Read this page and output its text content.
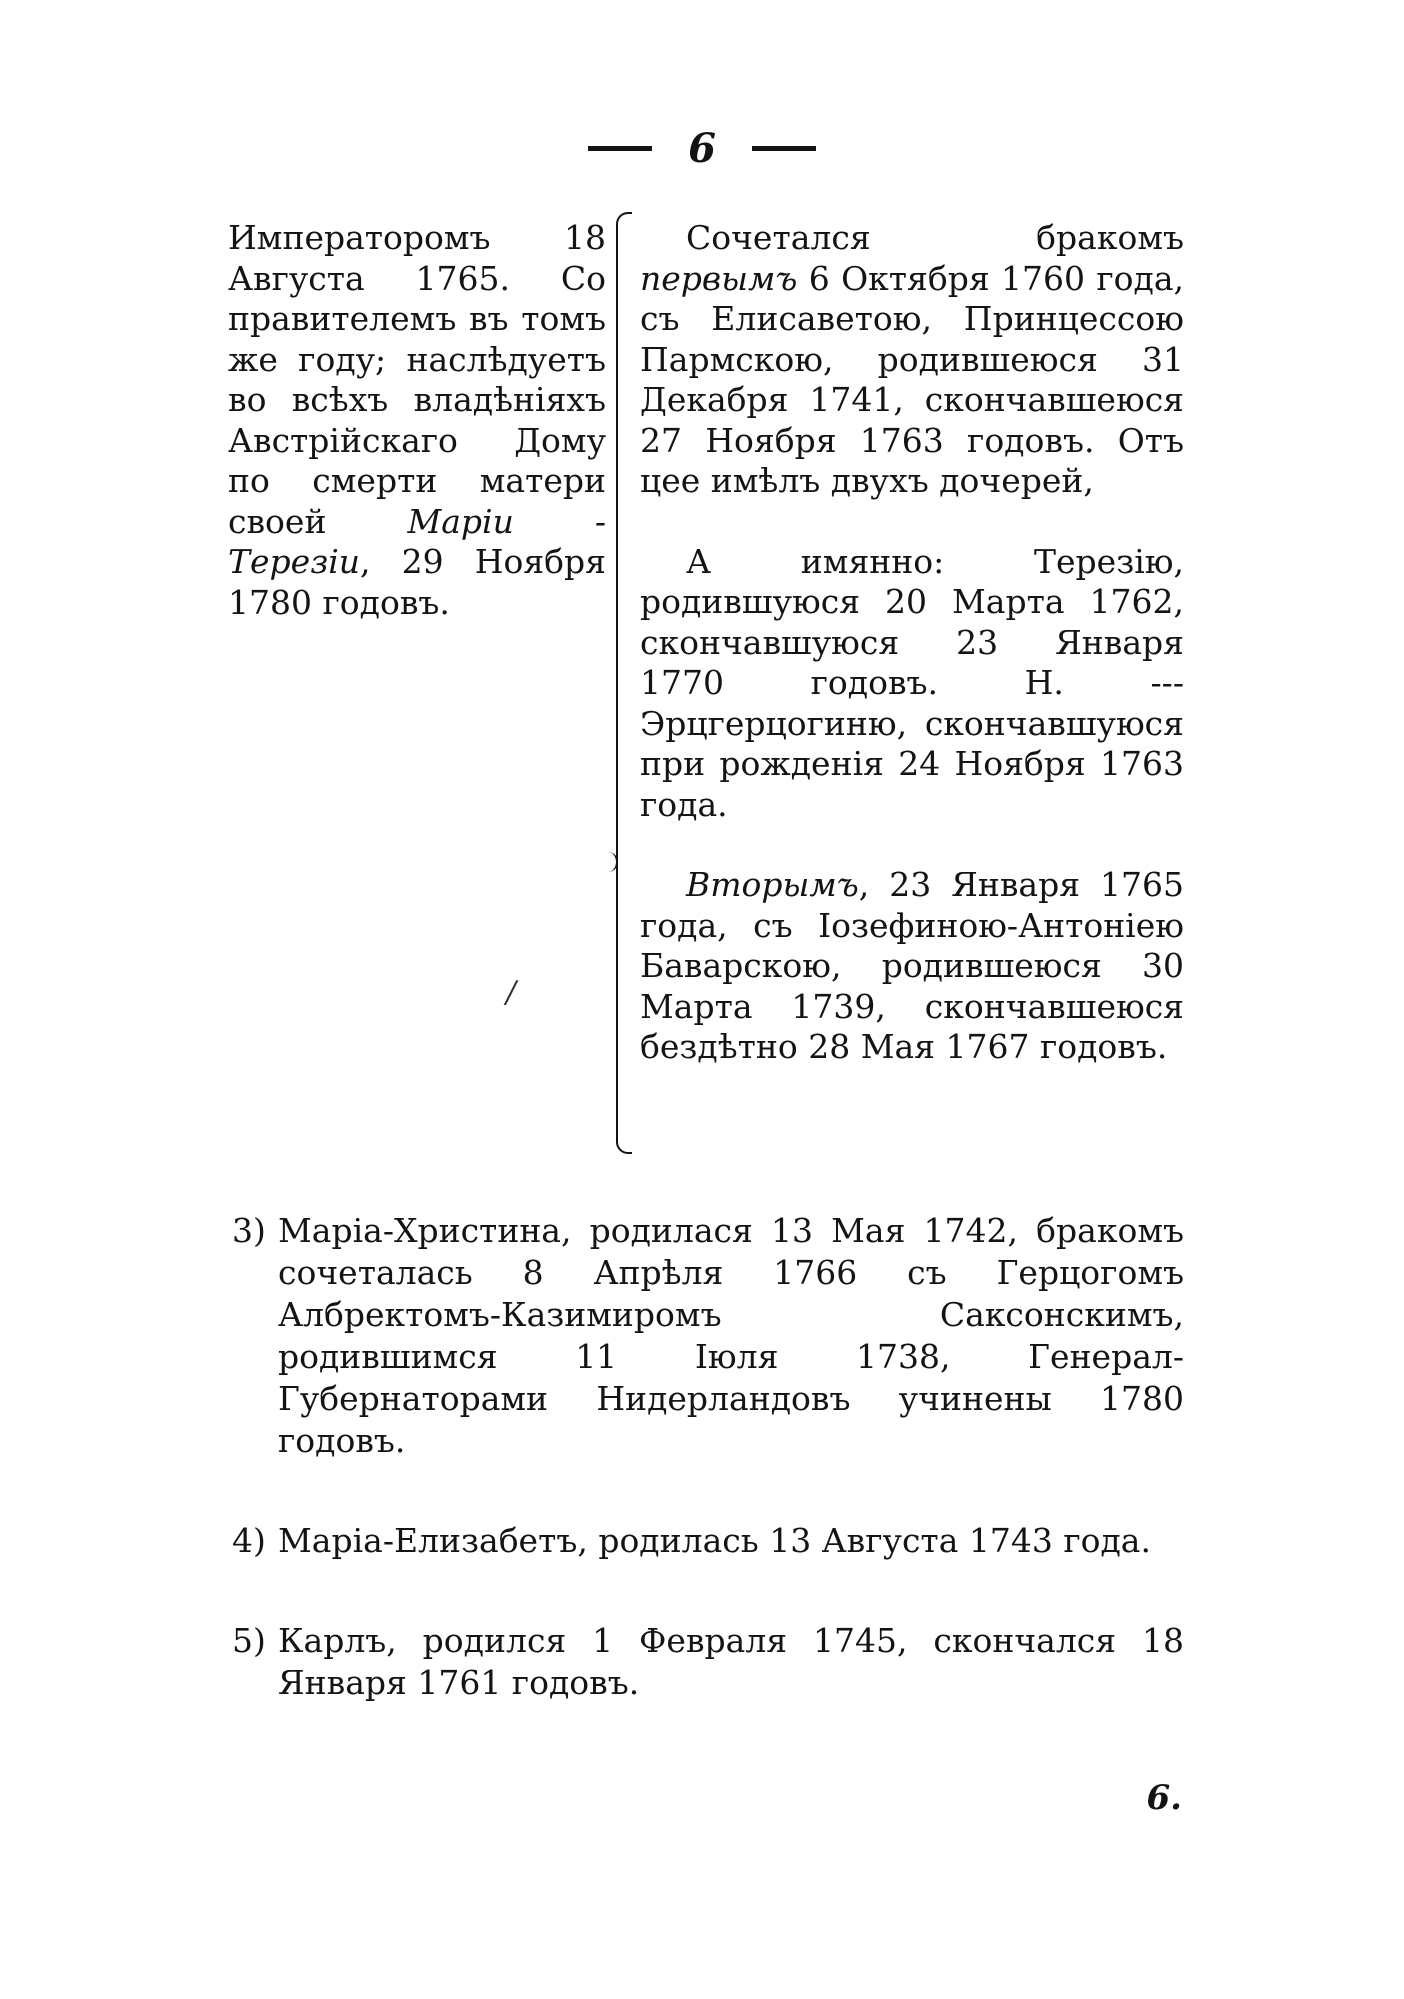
6
Императоромъ 18 Августа 1765. Co правителемъ въ томъ же году; наслѣдуетъ во всѣхъ владѣніяхъ Австрійскаго Дому по смерти матери своей Маріи - Терезіи, 29 Ноября 1780 годовъ.
/

Сочетался бракомъ первымъ 6 Октября 1760 года, съ Елисаветою, Принцессою Пармскою, родившеюся 31 Декабря 1741, скончавшеюся 27 Ноября 1763 годовъ. Отъ цее имѣлъ двухъ дочерей,

А имянно: Терезію, родившуюся 20 Марта 1762, скончавшуюся 23 Января 1770 годовъ. Н. --- Эрцгерцогиню, скончавшуюся при рожденія 24 Ноября 1763 года.

Вторымъ, 23 Января 1765 года, съ Іозефиною-Антоніею Баварскою, родившеюся 30 Марта 1739, скончавшеюся бездѣтно 28 Мая 1767 годовъ.

3) Марiа-Христина, родилася 13 Мая 1742, бракомъ сочеталась 8 Апрѣля 1766 съ Герцогомъ Албректомъ-Казимиромъ Саксонскимъ, родившимся 11 Іюля 1738, Генерал-Губернаторами Нидерландовъ учинены 1780 годовъ.
4) Марiа-Елизабетъ, родилась 13 Августа 1743 года.
5) Карлъ, родился 1 Февраля 1745, скончался 18 Января 1761 годовъ.
6.
